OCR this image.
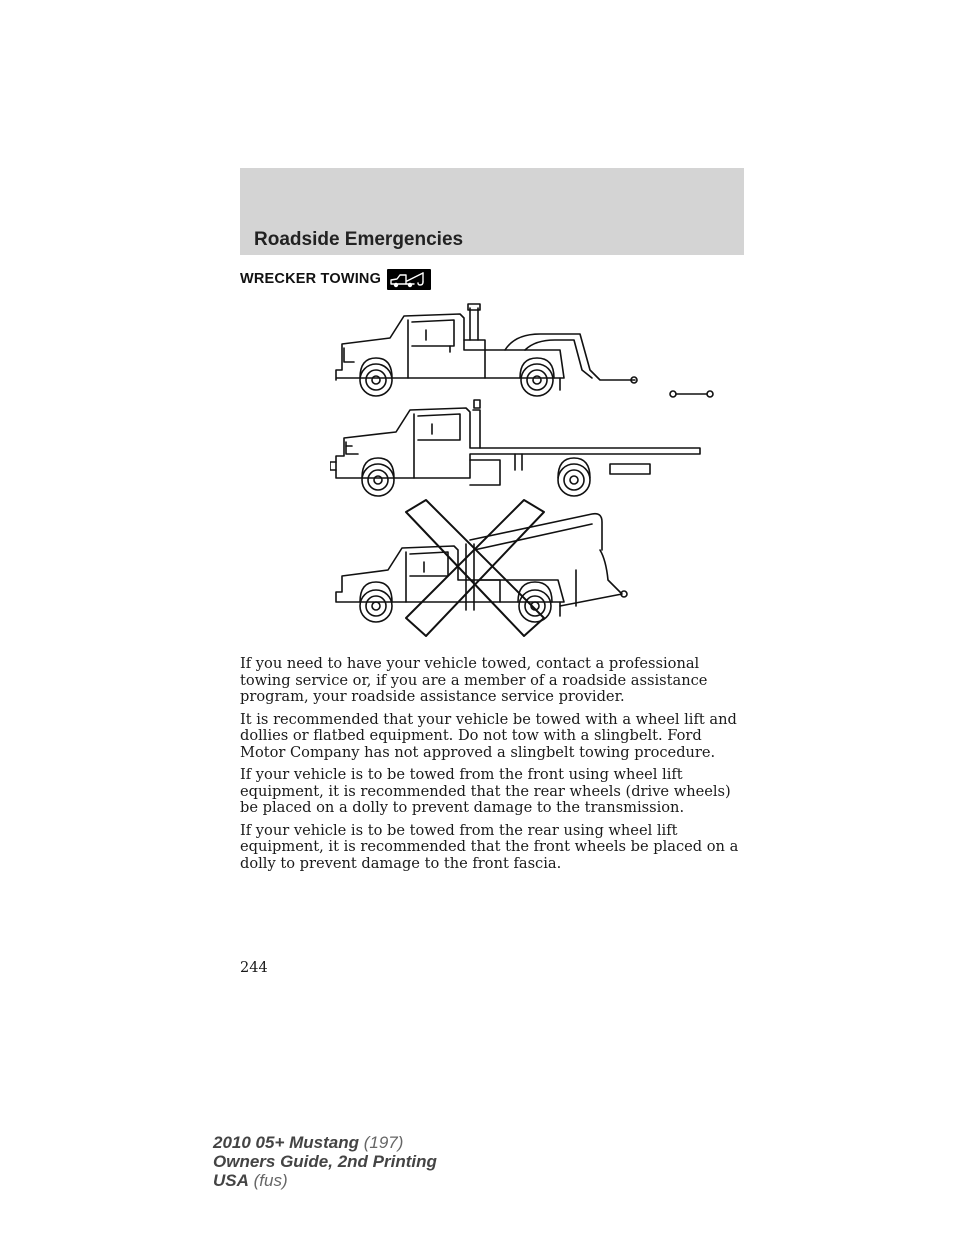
Roadside Emergencies
WRECKER TOWING

If you need to have your vehicle towed, contact a professional towing service or, if you are a member of a roadside assistance program, your roadside assistance service provider.

It is recommended that your vehicle be towed with a wheel lift and dollies or flatbed equipment. Do not tow with a slingbelt. Ford Motor Company has not approved a slingbelt towing procedure.

If your vehicle is to be towed from the front using wheel lift equipment, it is recommended that the rear wheels (drive wheels) be placed on a dolly to prevent damage to the transmission.

If your vehicle is to be towed from the rear using wheel lift equipment, it is recommended that the front wheels be placed on a dolly to prevent damage to the front fascia.

244
2010 05+ Mustang (197)
Owners Guide, 2nd Printing
USA (fus)
